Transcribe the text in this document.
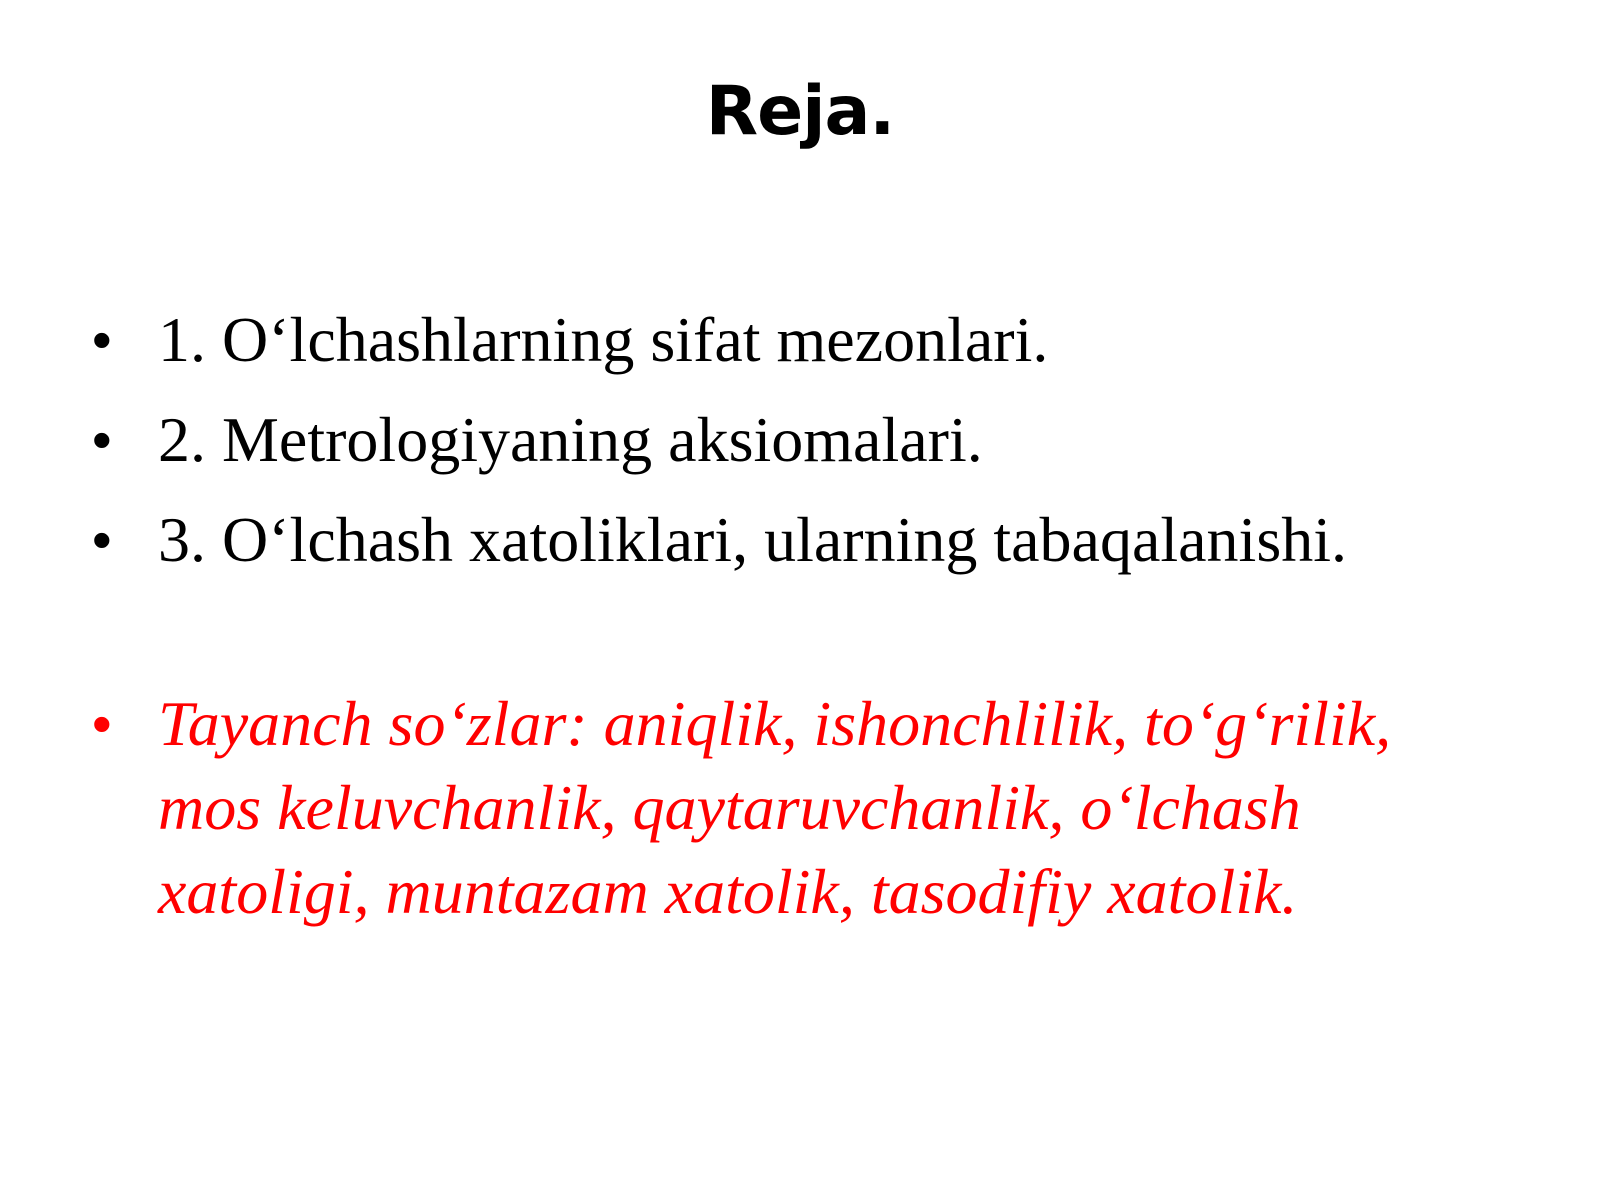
Reja.
• 1. O‘lchashlarning sifat mezonlari.
• 2. Metrologiyaning aksiomalari.
• 3. O‘lchash xatoliklari, ularning tabaqalanishi.
• Tayanch so‘zlar: aniqlik, ishonchlilik, to‘g‘rilik, mos keluvchanlik, qaytaruvchanlik, o‘lchash xatoligi, muntazam xatolik, tasodifiy xatolik.
